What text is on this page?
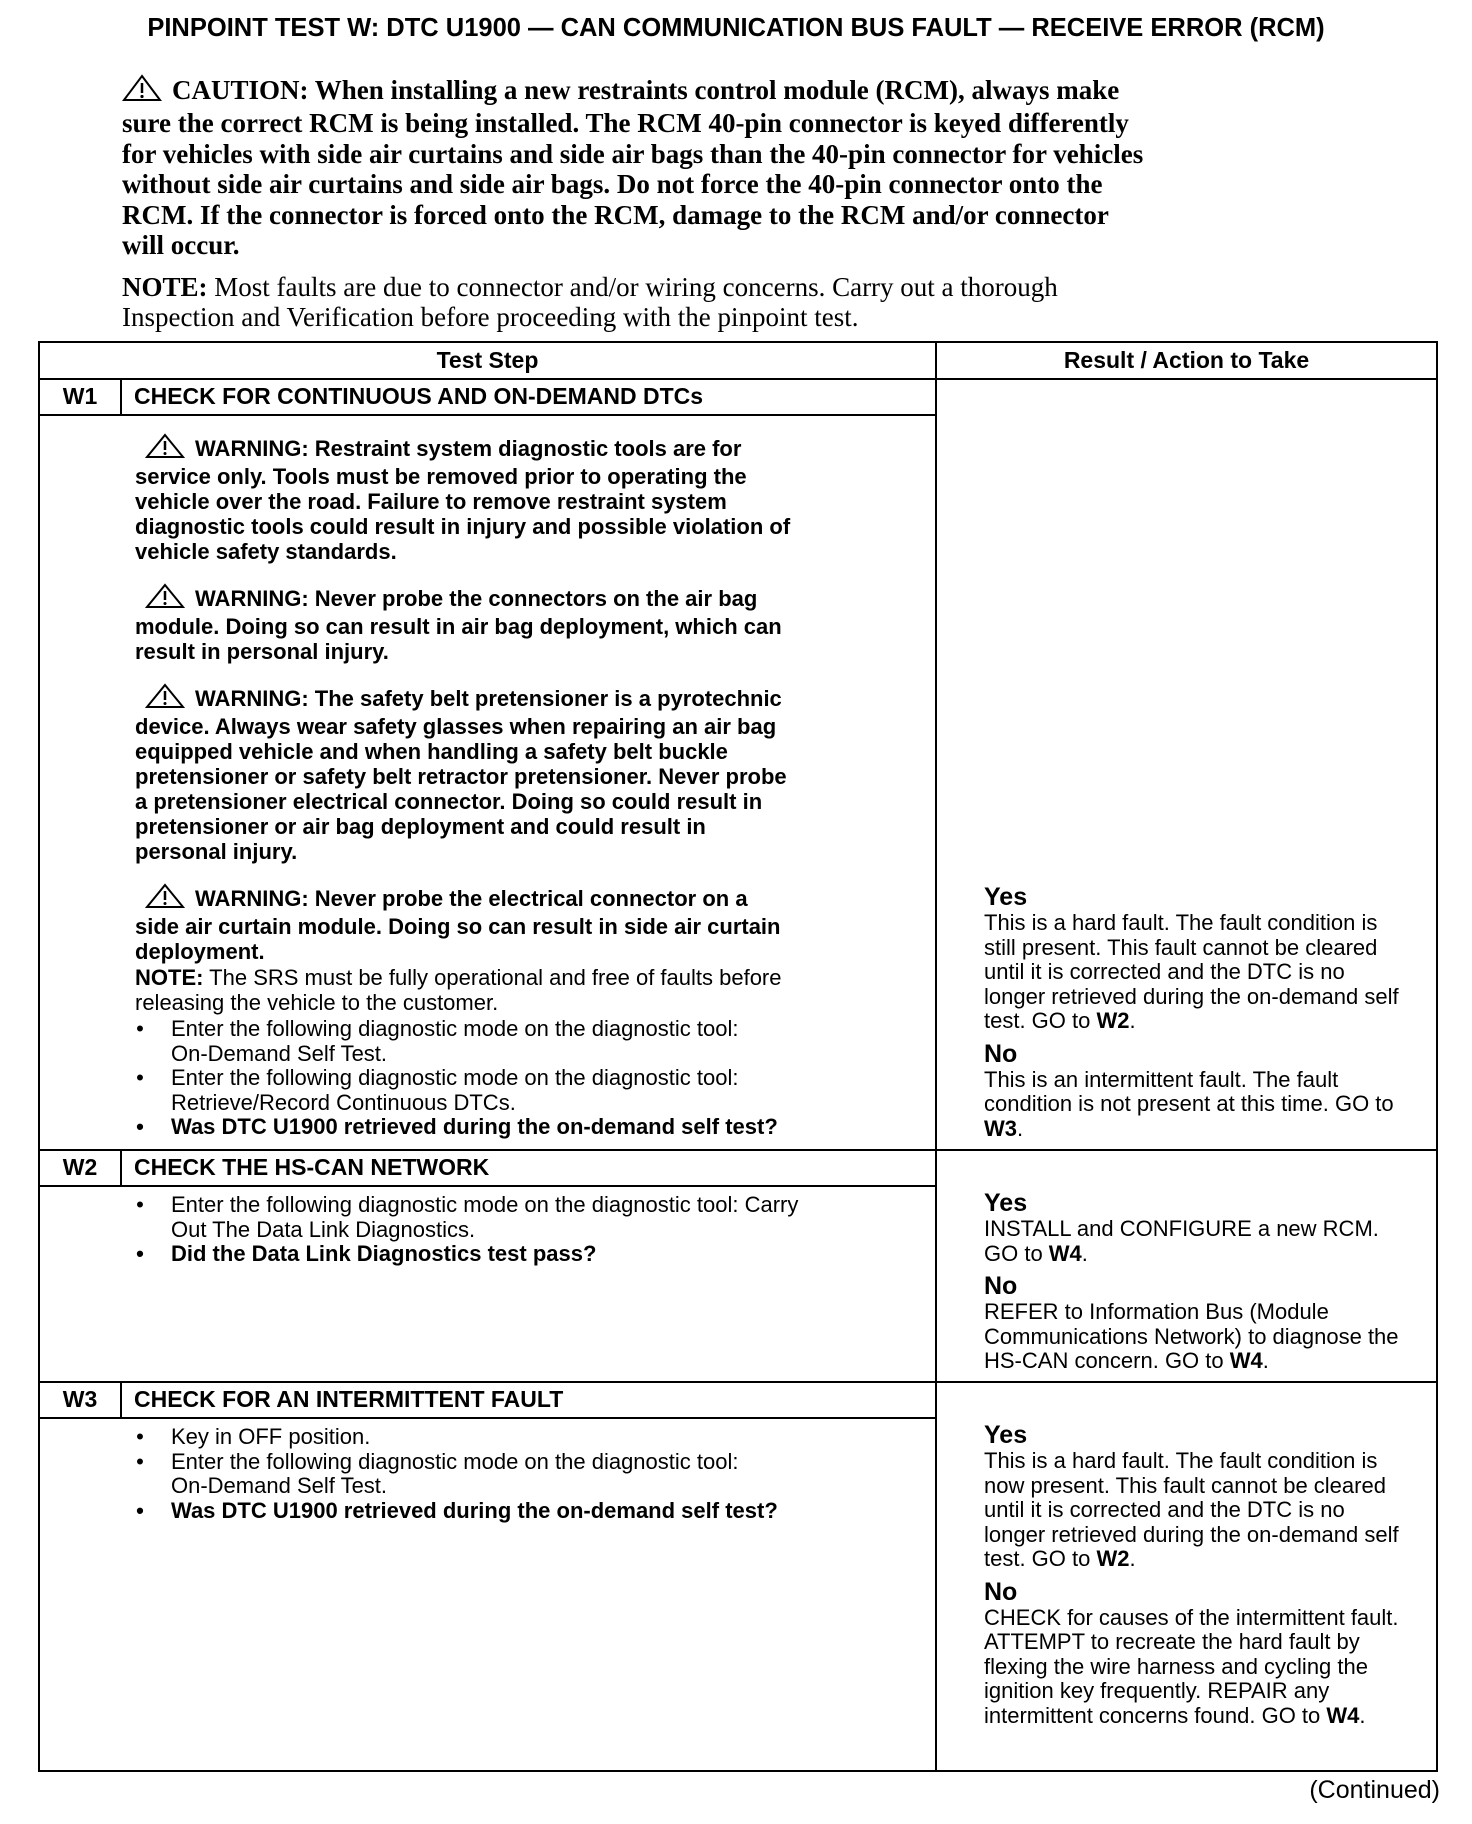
PINPOINT TEST W: DTC U1900 — CAN COMMUNICATION BUS FAULT — RECEIVE ERROR (RCM)
CAUTION: When installing a new restraints control module (RCM), always make
sure the correct RCM is being installed. The RCM 40-pin connector is keyed differently
for vehicles with side air curtains and side air bags than the 40-pin connector for vehicles
without side air curtains and side air bags. Do not force the 40-pin connector onto the
RCM. If the connector is forced onto the RCM, damage to the RCM and/or connector
will occur.
NOTE: Most faults are due to connector and/or wiring concerns. Carry out a thorough
Inspection and Verification before proceeding with the pinpoint test.
Test Step	Result / Action to Take
W1	CHECK FOR CONTINUOUS AND ON-DEMAND DTCs
WARNING: Restraint system diagnostic tools are for
service only. Tools must be removed prior to operating the
vehicle over the road. Failure to remove restraint system
diagnostic tools could result in injury and possible violation of
vehicle safety standards.
WARNING: Never probe the connectors on the air bag
module. Doing so can result in air bag deployment, which can
result in personal injury.
WARNING: The safety belt pretensioner is a pyrotechnic
device. Always wear safety glasses when repairing an air bag
equipped vehicle and when handling a safety belt buckle
pretensioner or safety belt retractor pretensioner. Never probe
a pretensioner electrical connector. Doing so could result in
pretensioner or air bag deployment and could result in
personal injury.
WARNING: Never probe the electrical connector on a
side air curtain module. Doing so can result in side air curtain
deployment.
NOTE: The SRS must be fully operational and free of faults before
releasing the vehicle to the customer.
• Enter the following diagnostic mode on the diagnostic tool:
On-Demand Self Test.
• Enter the following diagnostic mode on the diagnostic tool:
Retrieve/Record Continuous DTCs.
• Was DTC U1900 retrieved during the on-demand self test?
Yes
This is a hard fault. The fault condition is
still present. This fault cannot be cleared
until it is corrected and the DTC is no
longer retrieved during the on-demand self
test. GO to W2.
No
This is an intermittent fault. The fault
condition is not present at this time. GO to
W3.
W2	CHECK THE HS-CAN NETWORK
• Enter the following diagnostic mode on the diagnostic tool: Carry
Out The Data Link Diagnostics.
• Did the Data Link Diagnostics test pass?
Yes
INSTALL and CONFIGURE a new RCM.
GO to W4.
No
REFER to Information Bus (Module
Communications Network) to diagnose the
HS-CAN concern. GO to W4.
W3	CHECK FOR AN INTERMITTENT FAULT
• Key in OFF position.
• Enter the following diagnostic mode on the diagnostic tool:
On-Demand Self Test.
• Was DTC U1900 retrieved during the on-demand self test?
Yes
This is a hard fault. The fault condition is
now present. This fault cannot be cleared
until it is corrected and the DTC is no
longer retrieved during the on-demand self
test. GO to W2.
No
CHECK for causes of the intermittent fault.
ATTEMPT to recreate the hard fault by
flexing the wire harness and cycling the
ignition key frequently. REPAIR any
intermittent concerns found. GO to W4.
(Continued)
